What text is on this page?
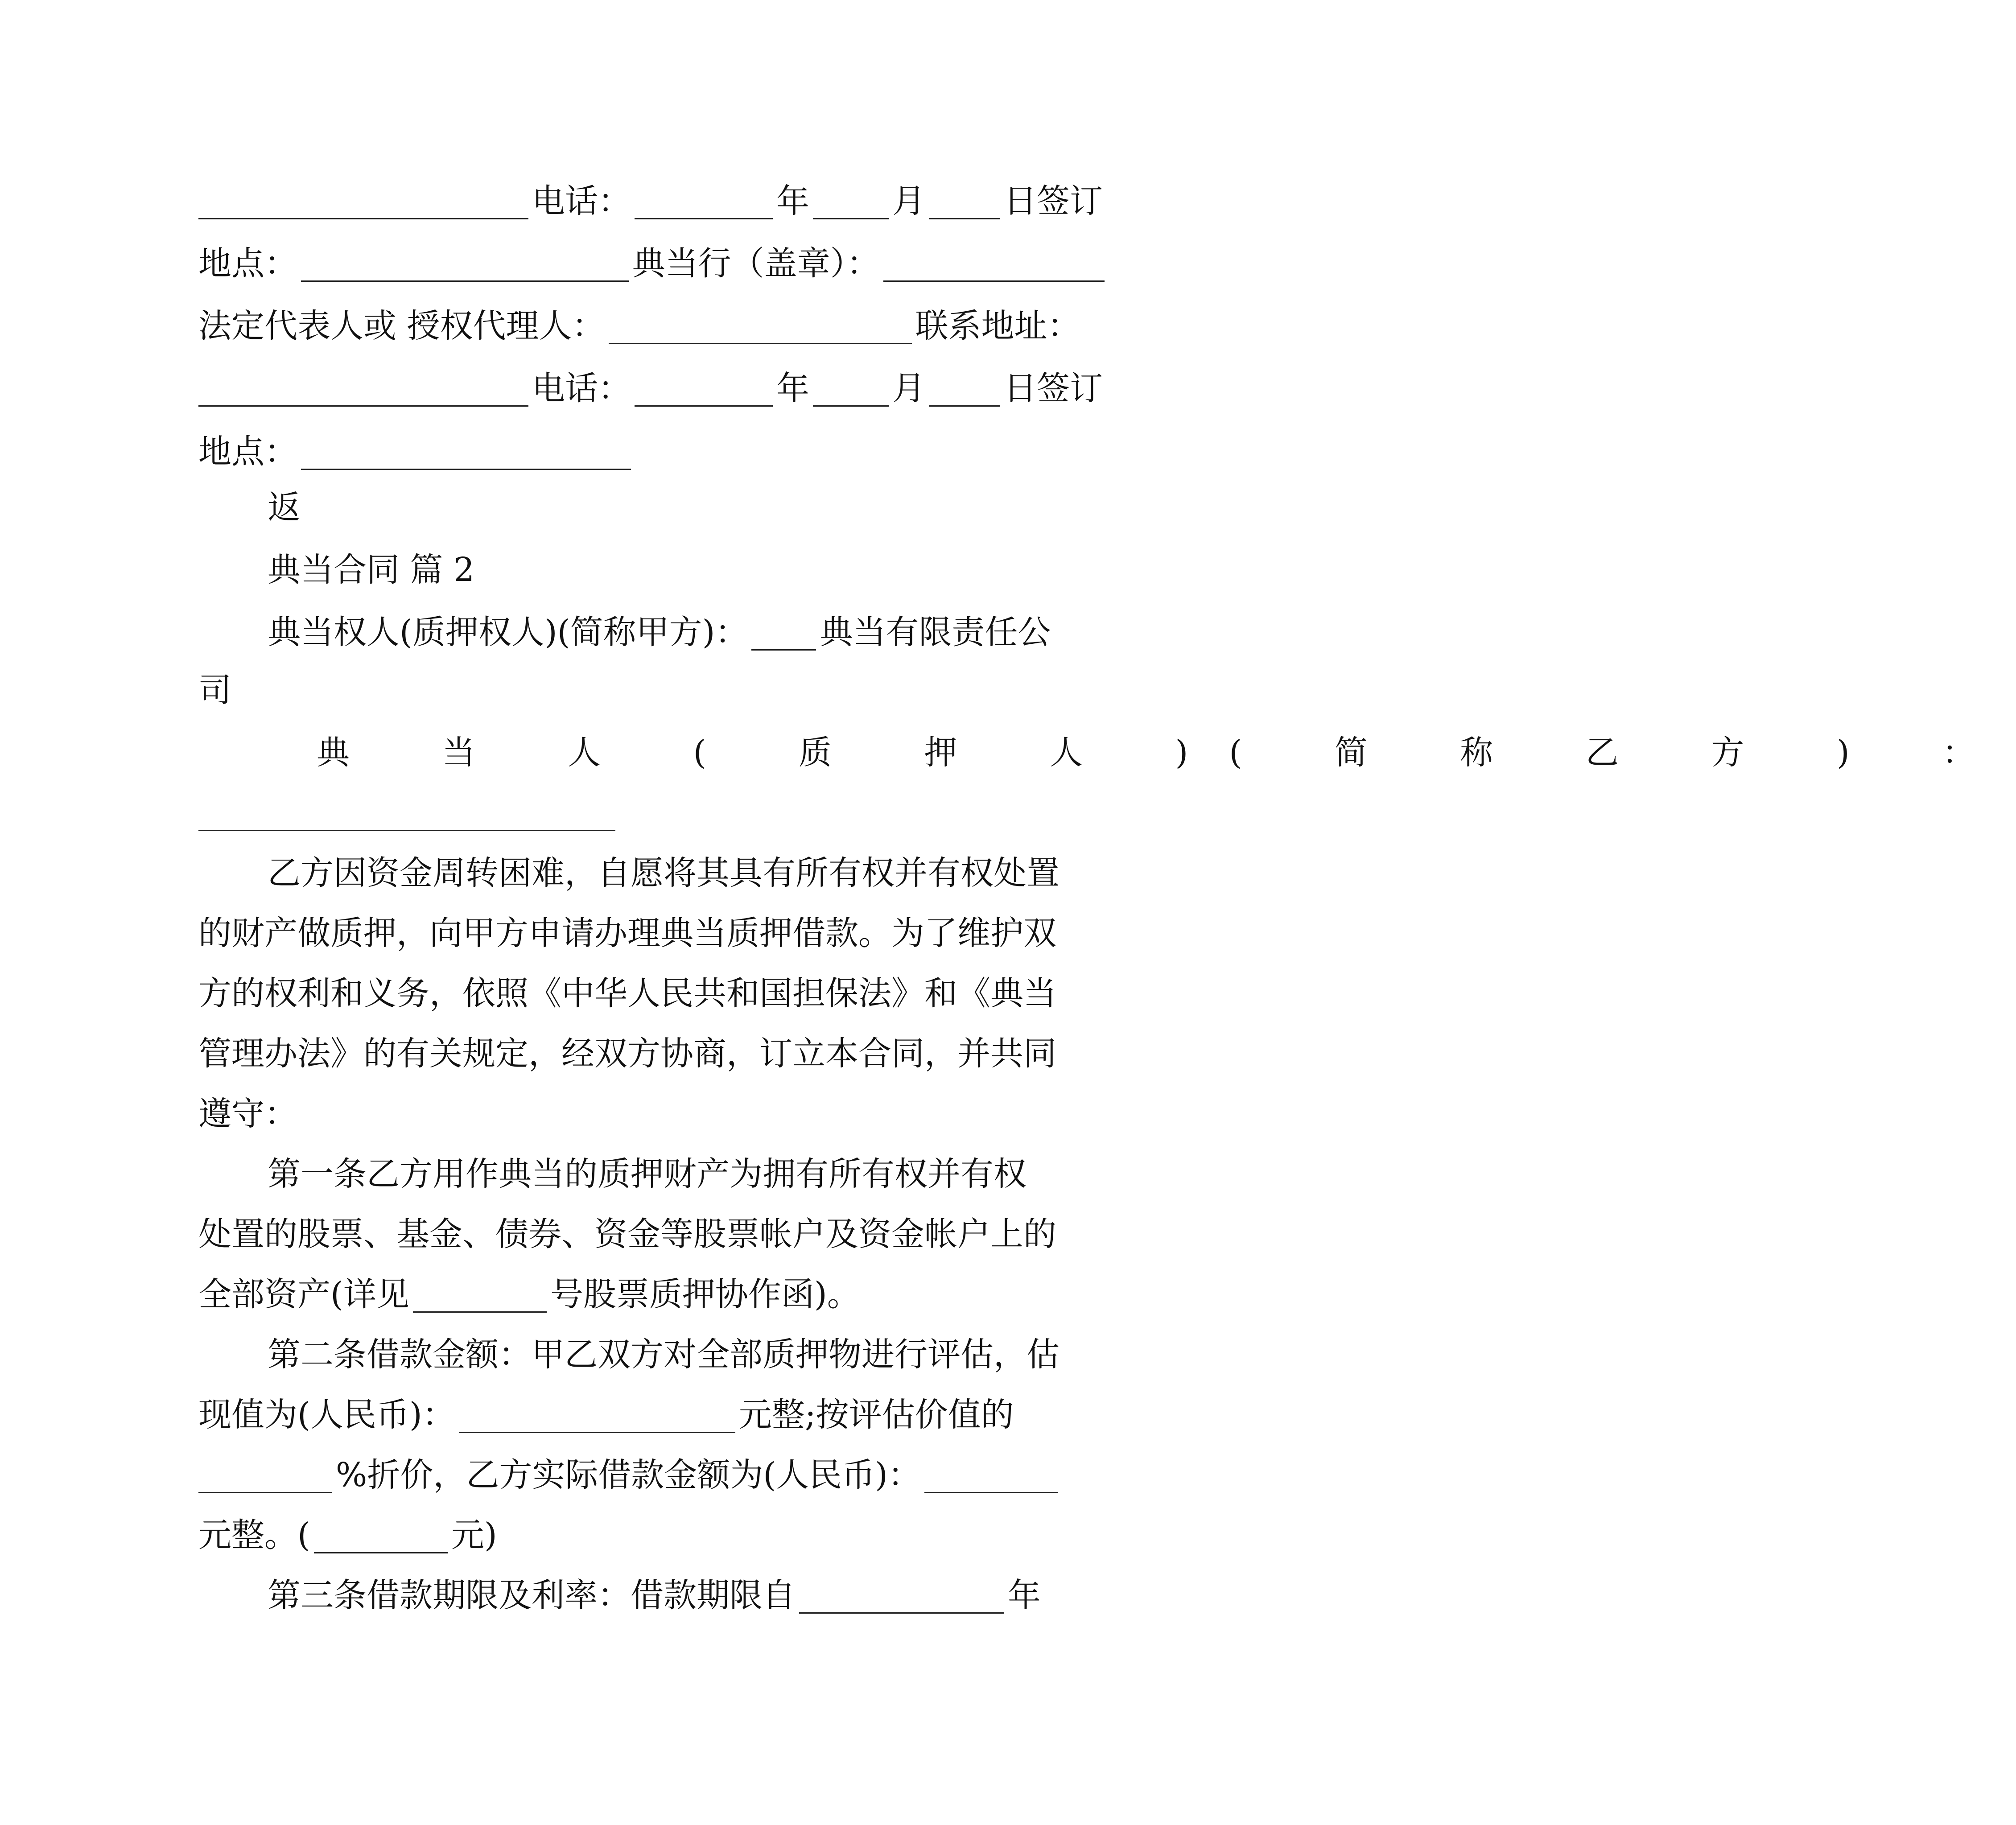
电话：	年	月 日签订
地点：	典当行（盖章）：
法定代表人或 授权代理人：	联系地址：
电话：	年	月 日签订
地点：
返
典当合同 篇 2
典当权人(质押权人)(简称甲方)： 典当有限责任公
司
典 当 人 ( 质 押 人 )( 简 称 乙 方 ) ：
乙方因资金周转困难，自愿将其具有所有权并有权处置
的财产做质押，向甲方申请办理典当质押借款。为了维护双
方的权利和义务，依照《中华人民共和国担保法》和《典当
管理办法》的有关规定，经双方协商，订立本合同，并共同
遵守：
第一条乙方用作典当的质押财产为拥有所有权并有权
处置的股票、基金、债券、资金等股票帐户及资金帐户上的
全部资产(详见	号股票质押协作函)。
第二条借款金额：甲乙双方对全部质押物进行评估，估
现值为(人民币)：	元整;按评估价值的
%折价，乙方实际借款金额为(人民币)：
元整。(	元)
第三条借款期限及利率：借款期限自	年
